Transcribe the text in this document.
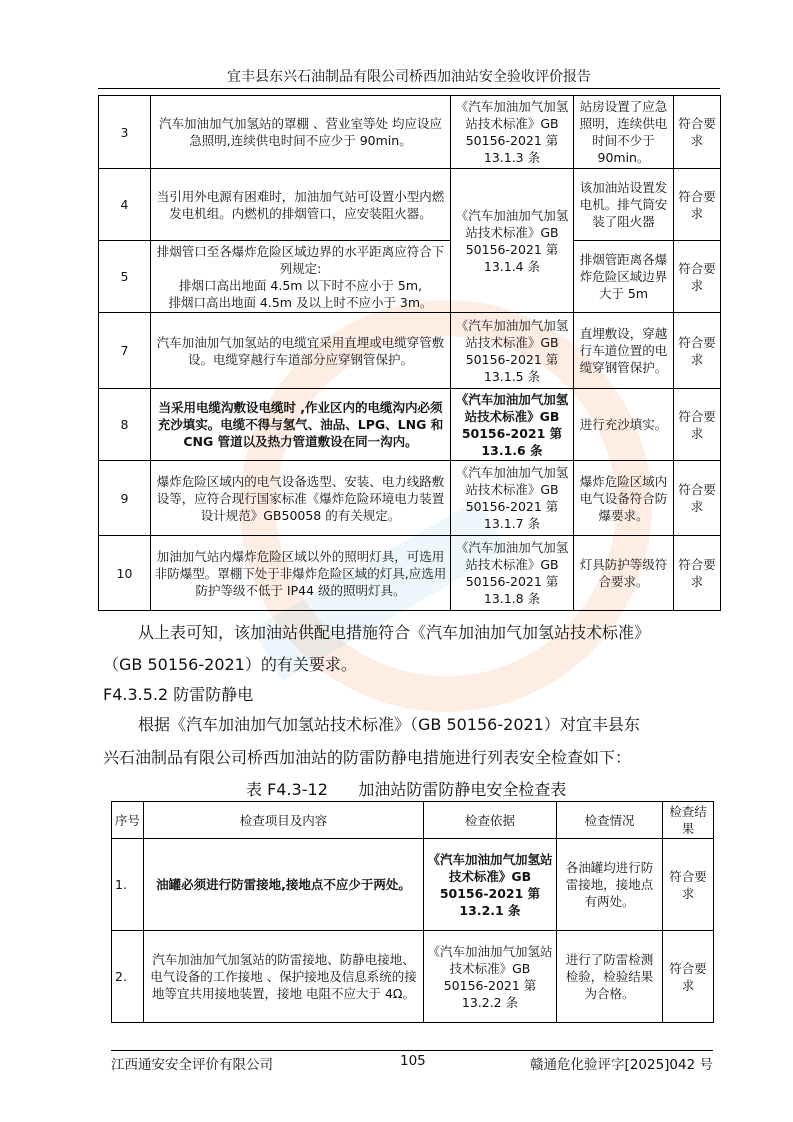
宜丰县东兴石油制品有限公司桥西加油站安全验收评价报告
3	汽车加油加气加氢站的罩棚 、营业室等处 均应设应急照明,连续供电时间不应少于 90min。	《汽车加油加气加氢站技术标准》GB 50156-2021 第 13.1.3 条	站房设置了应急照明，连续供电时间不少于 90min。	符合要求
4	当引用外电源有困难时，加油加气站可设置小型内燃发电机组。内燃机的排烟管口，应安装阻火器。	《汽车加油加气加氢站技术标准》GB 50156-2021 第 13.1.4 条	该加油站设置发电机。排气筒安装了阻火器	符合要求
5	排烟管口至各爆炸危险区域边界的水平距离应符合下列规定:
排烟口高出地面 4.5m 以下时不应小于 5m,
排烟口高出地面 4.5m 及以上时不应小于 3m。		排烟管距离各爆炸危险区域边界大于 5m	符合要求
7	汽车加油加气加氢站的电缆宜采用直埋或电缆穿管敷设。电缆穿越行车道部分应穿钢管保护。	《汽车加油加气加氢站技术标准》GB 50156-2021 第 13.1.5 条	直埋敷设，穿越行车道位置的电缆穿钢管保护。	符合要求
8	当采用电缆沟敷设电缆时 ,作业区内的电缆沟内必须充沙填实。电缆不得与氢气、油品、LPG、LNG 和 CNG 管道以及热力管道敷设在同一沟内。	《汽车加油加气加氢站技术标准》GB 50156-2021 第 13.1.6 条	进行充沙填实。	符合要求
9	爆炸危险区域内的电气设备选型、安装、电力线路敷设等，应符合现行国家标准《爆炸危险环境电力装置设计规范》GB50058 的有关规定。	《汽车加油加气加氢站技术标准》GB 50156-2021 第 13.1.7 条	爆炸危险区域内电气设备符合防爆要求。	符合要求
10	加油加气站内爆炸危险区域以外的照明灯具，可选用非防爆型。罩棚下处于非爆炸危险区域的灯具,应选用防护等级不低于 IP44 级的照明灯具。	《汽车加油加气加氢站技术标准》GB 50156-2021 第 13.1.8 条	灯具防护等级符合要求。	符合要求
从上表可知，该加油站供配电措施符合《汽车加油加气加氢站技术标准》
（GB 50156-2021）的有关要求。
F4.3.5.2 防雷防静电
根据《汽车加油加气加氢站技术标准》（GB 50156-2021）对宜丰县东
兴石油制品有限公司桥西加油站的防雷防静电措施进行列表安全检查如下：
表 F4.3-12      加油站防雷防静电安全检查表
序号	检查项目及内容	检查依据	检查情况	检查结果
1.	油罐必须进行防雷接地,接地点不应少于两处。	《汽车加油加气加氢站技术标准》GB 50156-2021 第 13.2.1 条	各油罐均进行防雷接地，接地点有两处。	符合要求
2.	汽车加油加气加氢站的防雷接地、防静电接地、电气设备的工作接地 、保护接地及信息系统的接地等宜共用接地装置，接地 电阻不应大于 4Ω。	《汽车加油加气加氢站技术标准》GB 50156-2021 第 13.2.2 条	进行了防雷检测检验，检验结果为合格。	符合要求
江西通安安全评价有限公司	105	赣通危化验评字[2025]042 号
